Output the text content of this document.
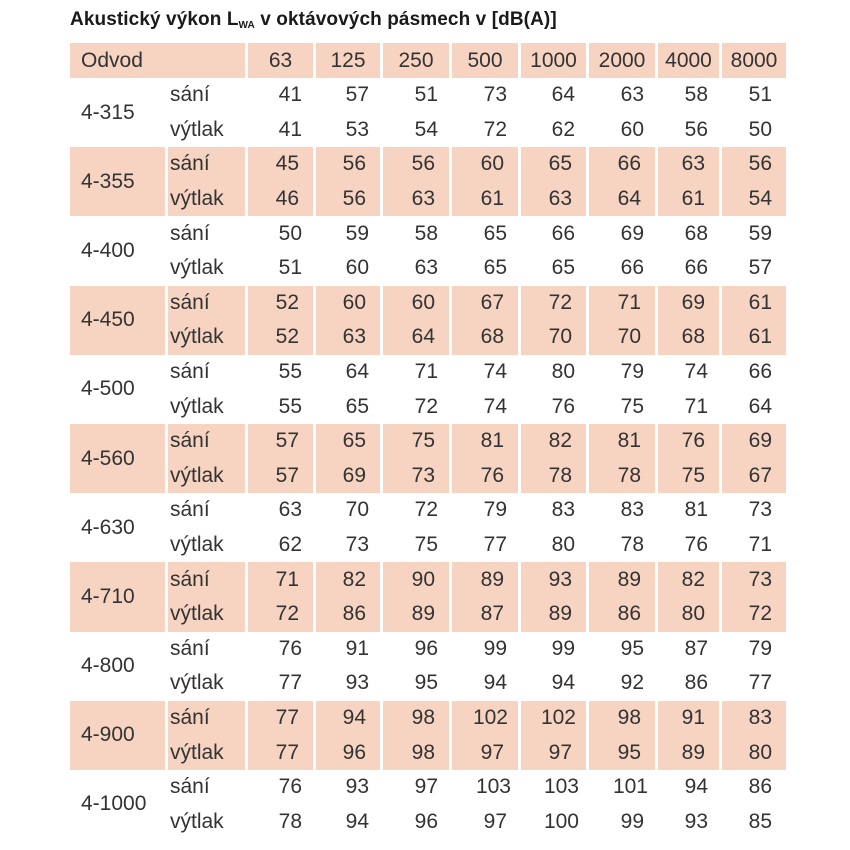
Akustický výkon $L_{WA}$ v oktávových pásmech v [dB(A)]
Odvod		63	125	250	500	1000	2000	4000	8000
4-315	sání	41	57	51	73	64	63	58	51
	výtlak	41	53	54	72	62	60	56	50
4-355	sání	45	56	56	60	65	66	63	56
	výtlak	46	56	63	61	63	64	61	54
4-400	sání	50	59	58	65	66	69	68	59
	výtlak	51	60	63	65	65	66	66	57
4-450	sání	52	60	60	67	72	71	69	61
	výtlak	52	63	64	68	70	70	68	61
4-500	sání	55	64	71	74	80	79	74	66
	výtlak	55	65	72	74	76	75	71	64
4-560	sání	57	65	75	81	82	81	76	69
	výtlak	57	69	73	76	78	78	75	67
4-630	sání	63	70	72	79	83	83	81	73
	výtlak	62	73	75	77	80	78	76	71
4-710	sání	71	82	90	89	93	89	82	73
	výtlak	72	86	89	87	89	86	80	72
4-800	sání	76	91	96	99	99	95	87	79
	výtlak	77	93	95	94	94	92	86	77
4-900	sání	77	94	98	102	102	98	91	83
	výtlak	77	96	98	97	97	95	89	80
4-1000	sání	76	93	97	103	103	101	94	86
	výtlak	78	94	96	97	100	99	93	85
